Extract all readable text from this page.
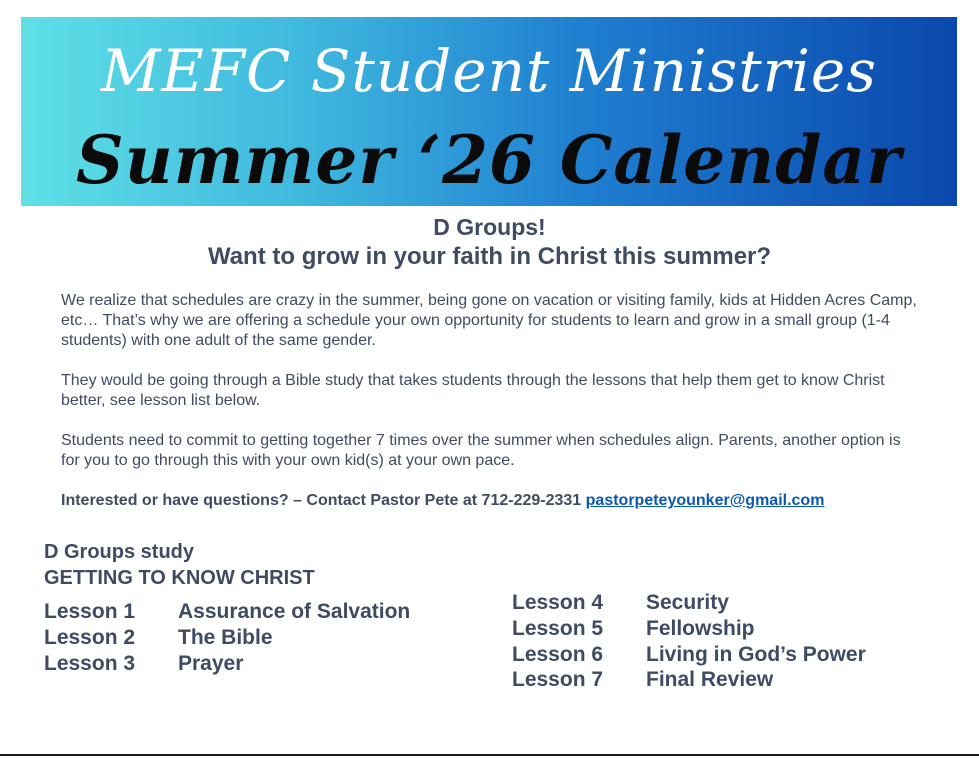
MEFC Student Ministries
Summer ‘26 Calendar
D Groups!
Want to grow in your faith in Christ this summer?
We realize that schedules are crazy in the summer, being gone on vacation or visiting family, kids at Hidden Acres Camp, etc… That’s why we are offering a schedule your own opportunity for students to learn and grow in a small group (1-4 students) with one adult of the same gender.
They would be going through a Bible study that takes students through the lessons that help them get to know Christ better, see lesson list below.
Students need to commit to getting together 7 times over the summer when schedules align. Parents, another option is for you to go through this with your own kid(s) at your own pace.
Interested or have questions? – Contact Pastor Pete at 712-229-2331 pastorpeteyounker@gmail.com
D Groups study
GETTING TO KNOW CHRIST
Lesson 1 Assurance of Salvation
Lesson 2 The Bible
Lesson 3 Prayer
Lesson 4 Security
Lesson 5 Fellowship
Lesson 6 Living in God’s Power
Lesson 7 Final Review
